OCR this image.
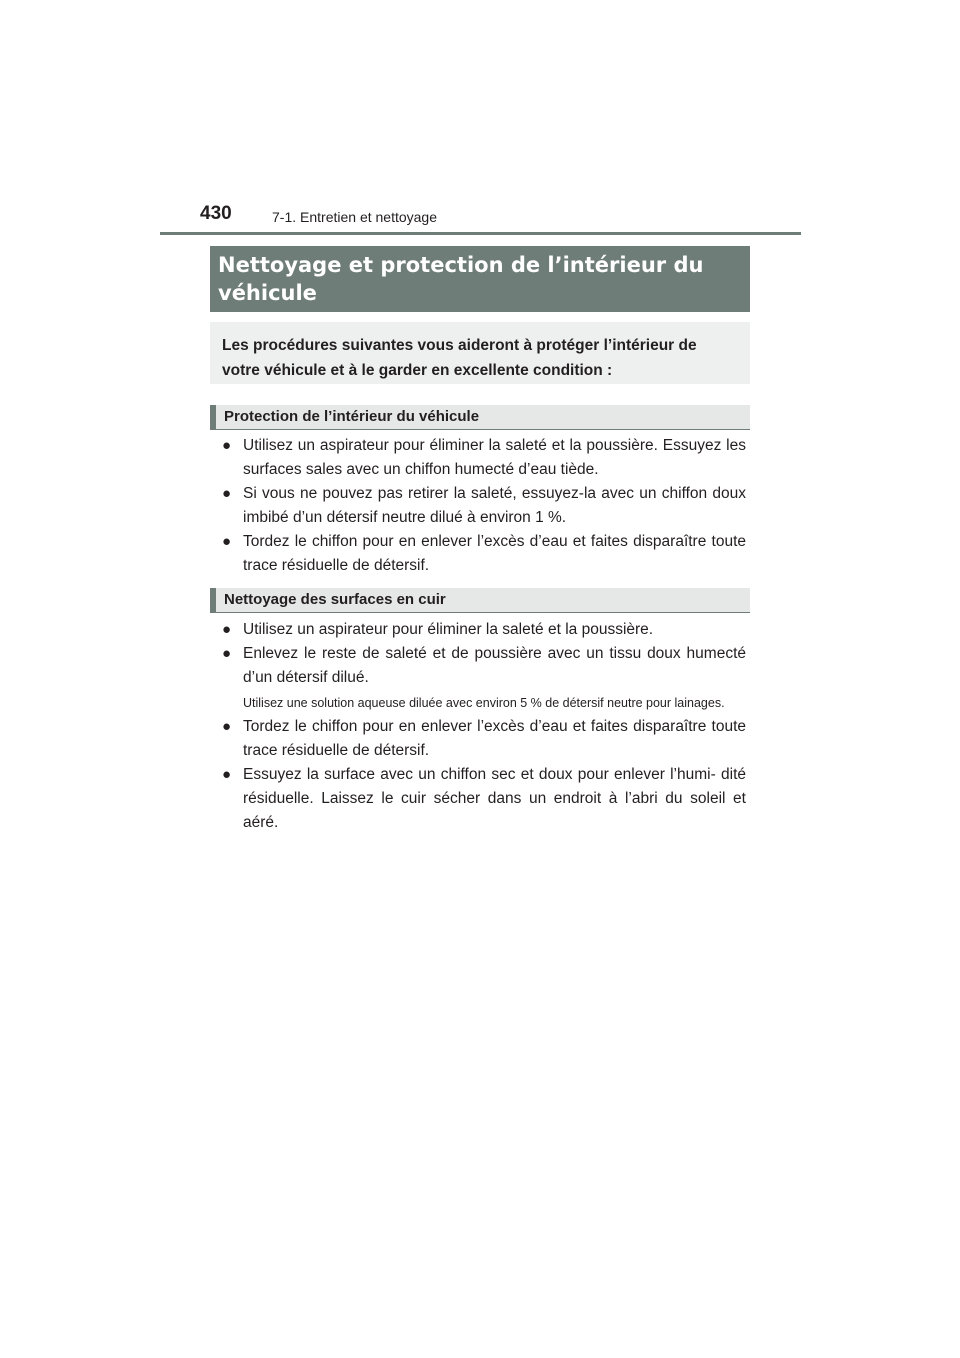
430	7-1. Entretien et nettoyage
Nettoyage et protection de l’intérieur du véhicule
Les procédures suivantes vous aideront à protéger l’intérieur de votre véhicule et à le garder en excellente condition :
Protection de l’intérieur du véhicule
● Utilisez un aspirateur pour éliminer la saleté et la poussière. Essuyez les surfaces sales avec un chiffon humecté d’eau tiède.
● Si vous ne pouvez pas retirer la saleté, essuyez-la avec un chiffon doux imbibé d’un détersif neutre dilué à environ 1 %.
● Tordez le chiffon pour en enlever l’excès d’eau et faites disparaître toute trace résiduelle de détersif.
Nettoyage des surfaces en cuir
● Utilisez un aspirateur pour éliminer la saleté et la poussière.
● Enlevez le reste de saleté et de poussière avec un tissu doux humecté d’un détersif dilué.
Utilisez une solution aqueuse diluée avec environ 5 % de détersif neutre pour lainages.
● Tordez le chiffon pour en enlever l’excès d’eau et faites disparaître toute trace résiduelle de détersif.
● Essuyez la surface avec un chiffon sec et doux pour enlever l’humi- dité résiduelle. Laissez le cuir sécher dans un endroit à l’abri du soleil et aéré.
